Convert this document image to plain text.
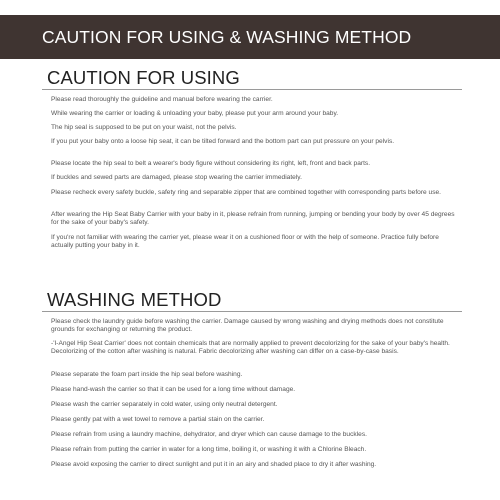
CAUTION FOR USING & WASHING METHOD
CAUTION FOR USING
Please read thoroughly the guideline and manual before wearing the carrier.
While wearing the carrier or loading & unloading your baby, please put your arm around your baby.
The hip seal is supposed to be put on your waist, not the pelvis.
If you put your baby onto a loose hip seat, it can be tilted forward and the bottom part can put pressure on your pelvis.
Please locate the hip seal to belt a wearer's body figure without considering its right, left, front and back parts.
If buckles and sewed parts are damaged, please stop wearing the carrier immediately.
Please recheck every safety buckle, safety ring and separable zipper that are combined together with corresponding parts before use.
After wearing the Hip Seat Baby Carrier with your baby in it, please refrain from running, jumping or bending your body by over 45 degrees for the sake of your baby's safety.
If you're not familiar with wearing the carrier yet, please wear it on a cushioned floor or with the help of someone. Practice fully before actually putting your baby in it.
WASHING METHOD
Please check the laundry guide before washing the carrier. Damage caused by wrong washing and drying methods does not constitute grounds for exchanging or returning the product.
-'I-Angel Hip Seat Carrier' does not contain chemicals that are normally applied to prevent decolorizing for the sake of your baby's health. Decolorizing of the cotton after washing is natural. Fabric decolorizing after washing can differ on a case-by-case basis.
Please separate the foam part inside the hip seal before washing.
Please hand-wash the carrier so that it can be used for a long time without damage.
Please wash the carrier separately in cold water, using only neutral detergent.
Please gently pat with a wet towel to remove a partial stain on the carrier.
Please refrain from using a laundry machine, dehydrator, and dryer which can cause damage to the buckles.
Please refrain from putting the carrier in water for a long time, boiling it, or washing it with a Chlorine Bleach.
Please avoid exposing the carrier to direct sunlight and put it in an airy and shaded place to dry it after washing.
